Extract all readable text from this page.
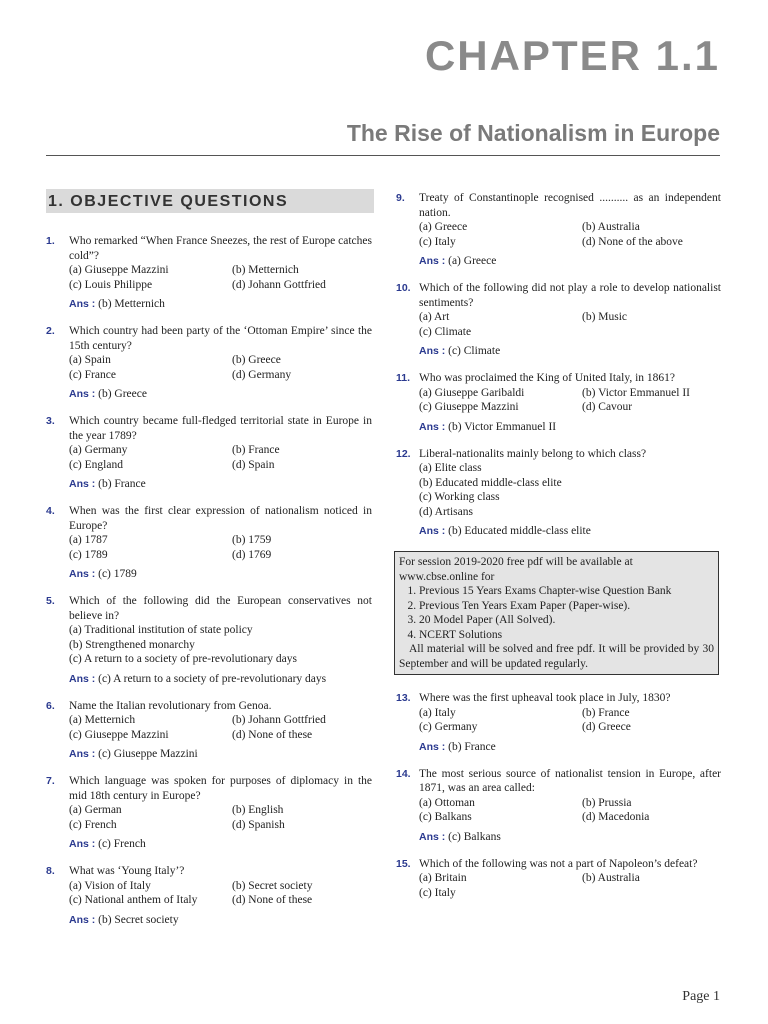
CHAPTER 1.1
The Rise of Nationalism in Europe
1. OBJECTIVE QUESTIONS
1. Who remarked “When France Sneezes, the rest of Europe catches cold”?
(a) Giuseppe Mazzini	(b) Metternich
(c) Louis Philippe	(d) Johann Gottfried
Ans : (b) Metternich
2. Which country had been party of the ‘Ottoman Empire’ since the 15th century?
(a) Spain	(b) Greece
(c) France	(d) Germany
Ans : (b) Greece
3. Which country became full-fledged territorial state in Europe in the year 1789?
(a) Germany	(b) France
(c) England	(d) Spain
Ans : (b) France
4. When was the first clear expression of nationalism noticed in Europe?
(a) 1787	(b) 1759
(c) 1789	(d) 1769
Ans : (c) 1789
5. Which of the following did the European conservatives not believe in?
(a) Traditional institution of state policy
(b) Strengthened monarchy
(c) A return to a society of pre-revolutionary days
Ans : (c) A return to a society of pre-revolutionary days
6. Name the Italian revolutionary from Genoa.
(a) Metternich	(b) Johann Gottfried
(c) Giuseppe Mazzini	(d) None of these
Ans : (c) Giuseppe Mazzini
7. Which language was spoken for purposes of diplomacy in the mid 18th century in Europe?
(a) German	(b) English
(c) French	(d) Spanish
Ans : (c) French
8. What was ‘Young Italy’?
(a) Vision of Italy	(b) Secret society
(c) National anthem of Italy	(d) None of these
Ans : (b) Secret society
9. Treaty of Constantinople recognised .......... as an independent nation.
(a) Greece	(b) Australia
(c) Italy	(d) None of the above
Ans : (a) Greece
10. Which of the following did not play a role to develop nationalist sentiments?
(a) Art	(b) Music
(c) Climate
Ans : (c) Climate
11. Who was proclaimed the King of United Italy, in 1861?
(a) Giuseppe Garibaldi	(b) Victor Emmanuel II
(c) Giuseppe Mazzini	(d) Cavour
Ans : (b) Victor Emmanuel II
12. Liberal-nationalits mainly belong to which class?
(a) Elite class
(b) Educated middle-class elite
(c) Working class
(d) Artisans
Ans : (b) Educated middle-class elite
For session 2019-2020 free pdf will be available at www.cbse.online for
1. Previous 15 Years Exams Chapter-wise Question Bank
2. Previous Ten Years Exam Paper (Paper-wise).
3. 20 Model Paper (All Solved).
4. NCERT Solutions
All material will be solved and free pdf. It will be provided by 30 September and will be updated regularly.
13. Where was the first upheaval took place in July, 1830?
(a) Italy	(b) France
(c) Germany	(d) Greece
Ans : (b) France
14. The most serious source of nationalist tension in Europe, after 1871, was an area called:
(a) Ottoman	(b) Prussia
(c) Balkans	(d) Macedonia
Ans : (c) Balkans
15. Which of the following was not a part of Napoleon’s defeat?
(a) Britain	(b) Australia
(c) Italy
Page 1
